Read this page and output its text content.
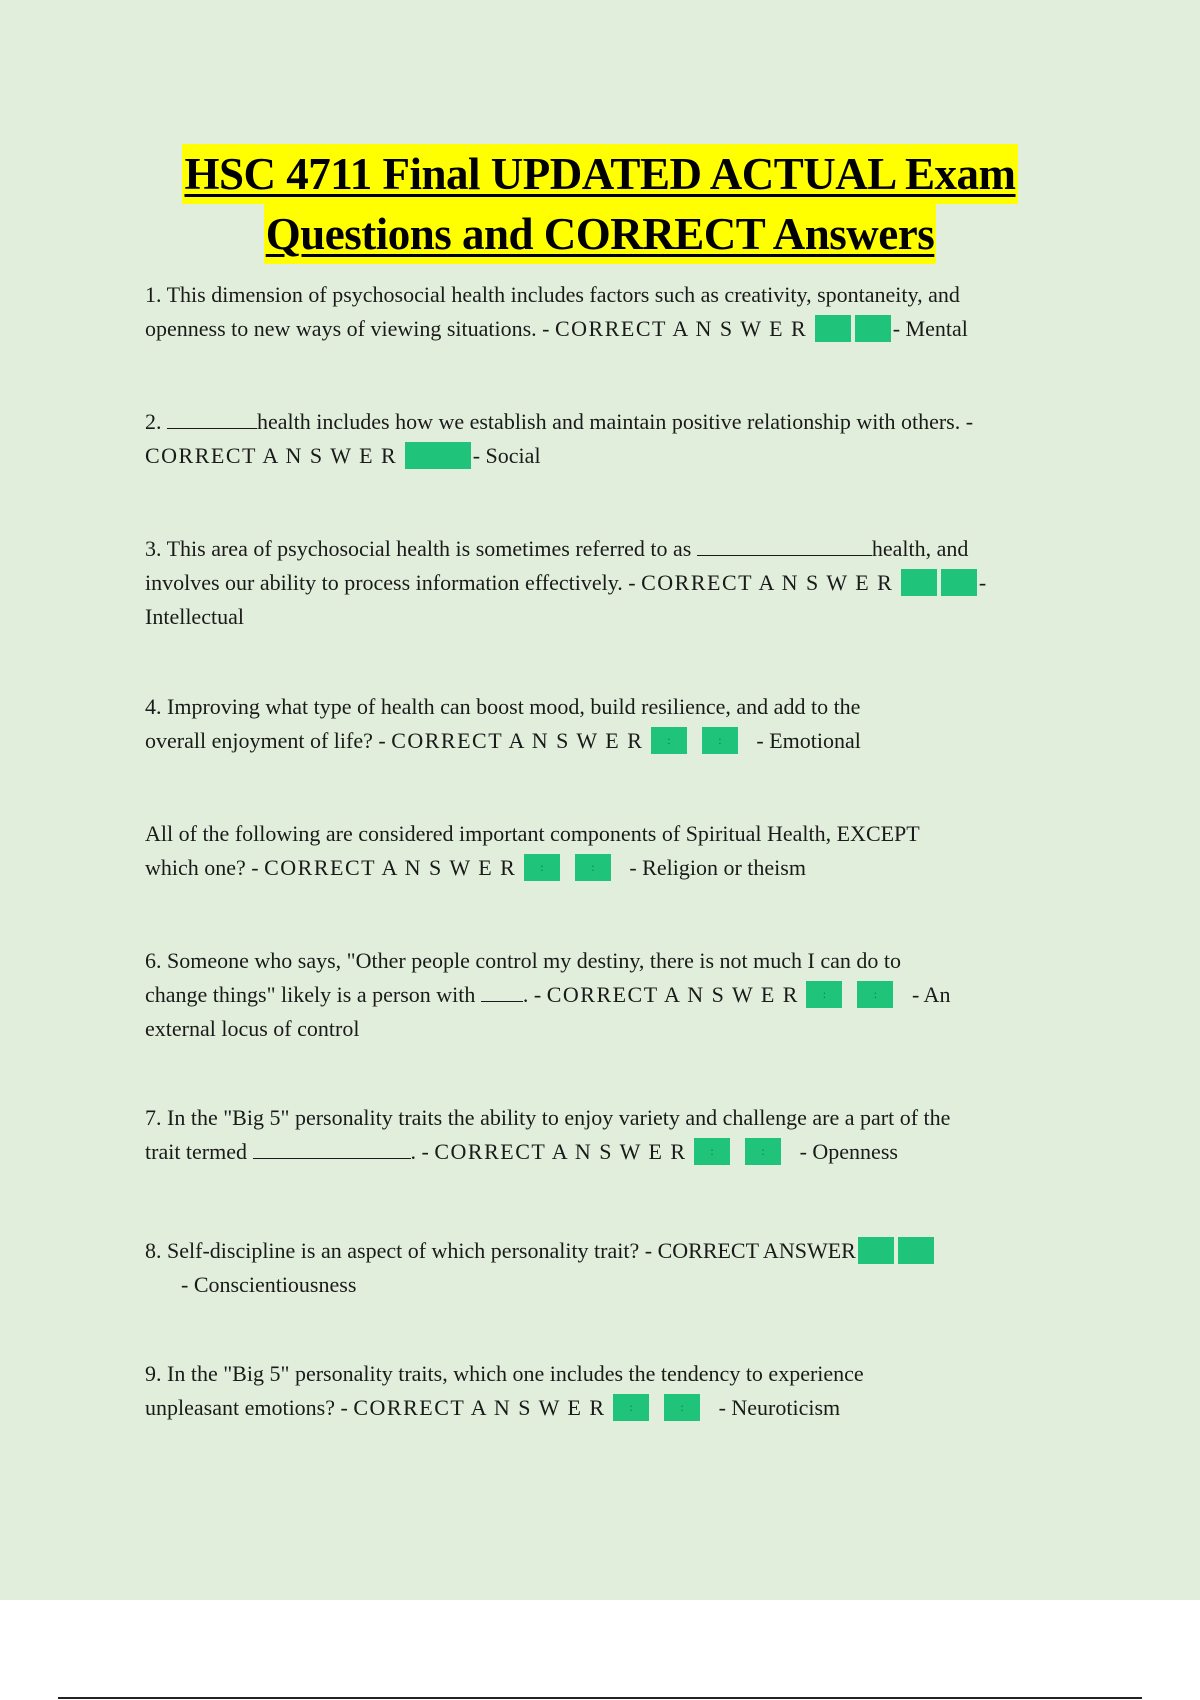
HSC 4711 Final UPDATED ACTUAL Exam
Questions and CORRECT Answers
1. This dimension of psychosocial health includes factors such as creativity, spontaneity, and
openness to new ways of viewing situations. - CORRECT A N S W E R	- Mental
2.	health includes how we establish and maintain positive relationship with others. -
CORRECT A N S W E R	- Social
3. This area of psychosocial health is sometimes referred to as	health, and
involves our ability to process information effectively. - CORRECT A N S W E R	-
Intellectual
4. Improving what type of health can boost mood, build resilience, and add to the
overall enjoyment of life? - CORRECT A N S W E R :	: - Emotional
All of the following are considered important components of Spiritual Health, EXCEPT
which one? - CORRECT A N S W E R :	: - Religion or theism
6. Someone who says, "Other people control my destiny, there is not much I can do to
change things" likely is a person with . - CORRECT A N S W E R :	: - An
external locus of control
7. In the "Big 5" personality traits the ability to enjoy variety and challenge are a part of the
trait termed	. - CORRECT A N S W E R :	: - Openness
8. Self-discipline is an aspect of which personality trait? - CORRECT ANSWER
- Conscientiousness
9. In the "Big 5" personality traits, which one includes the tendency to experience
unpleasant emotions? - CORRECT A N S W E R :	: - Neuroticism
